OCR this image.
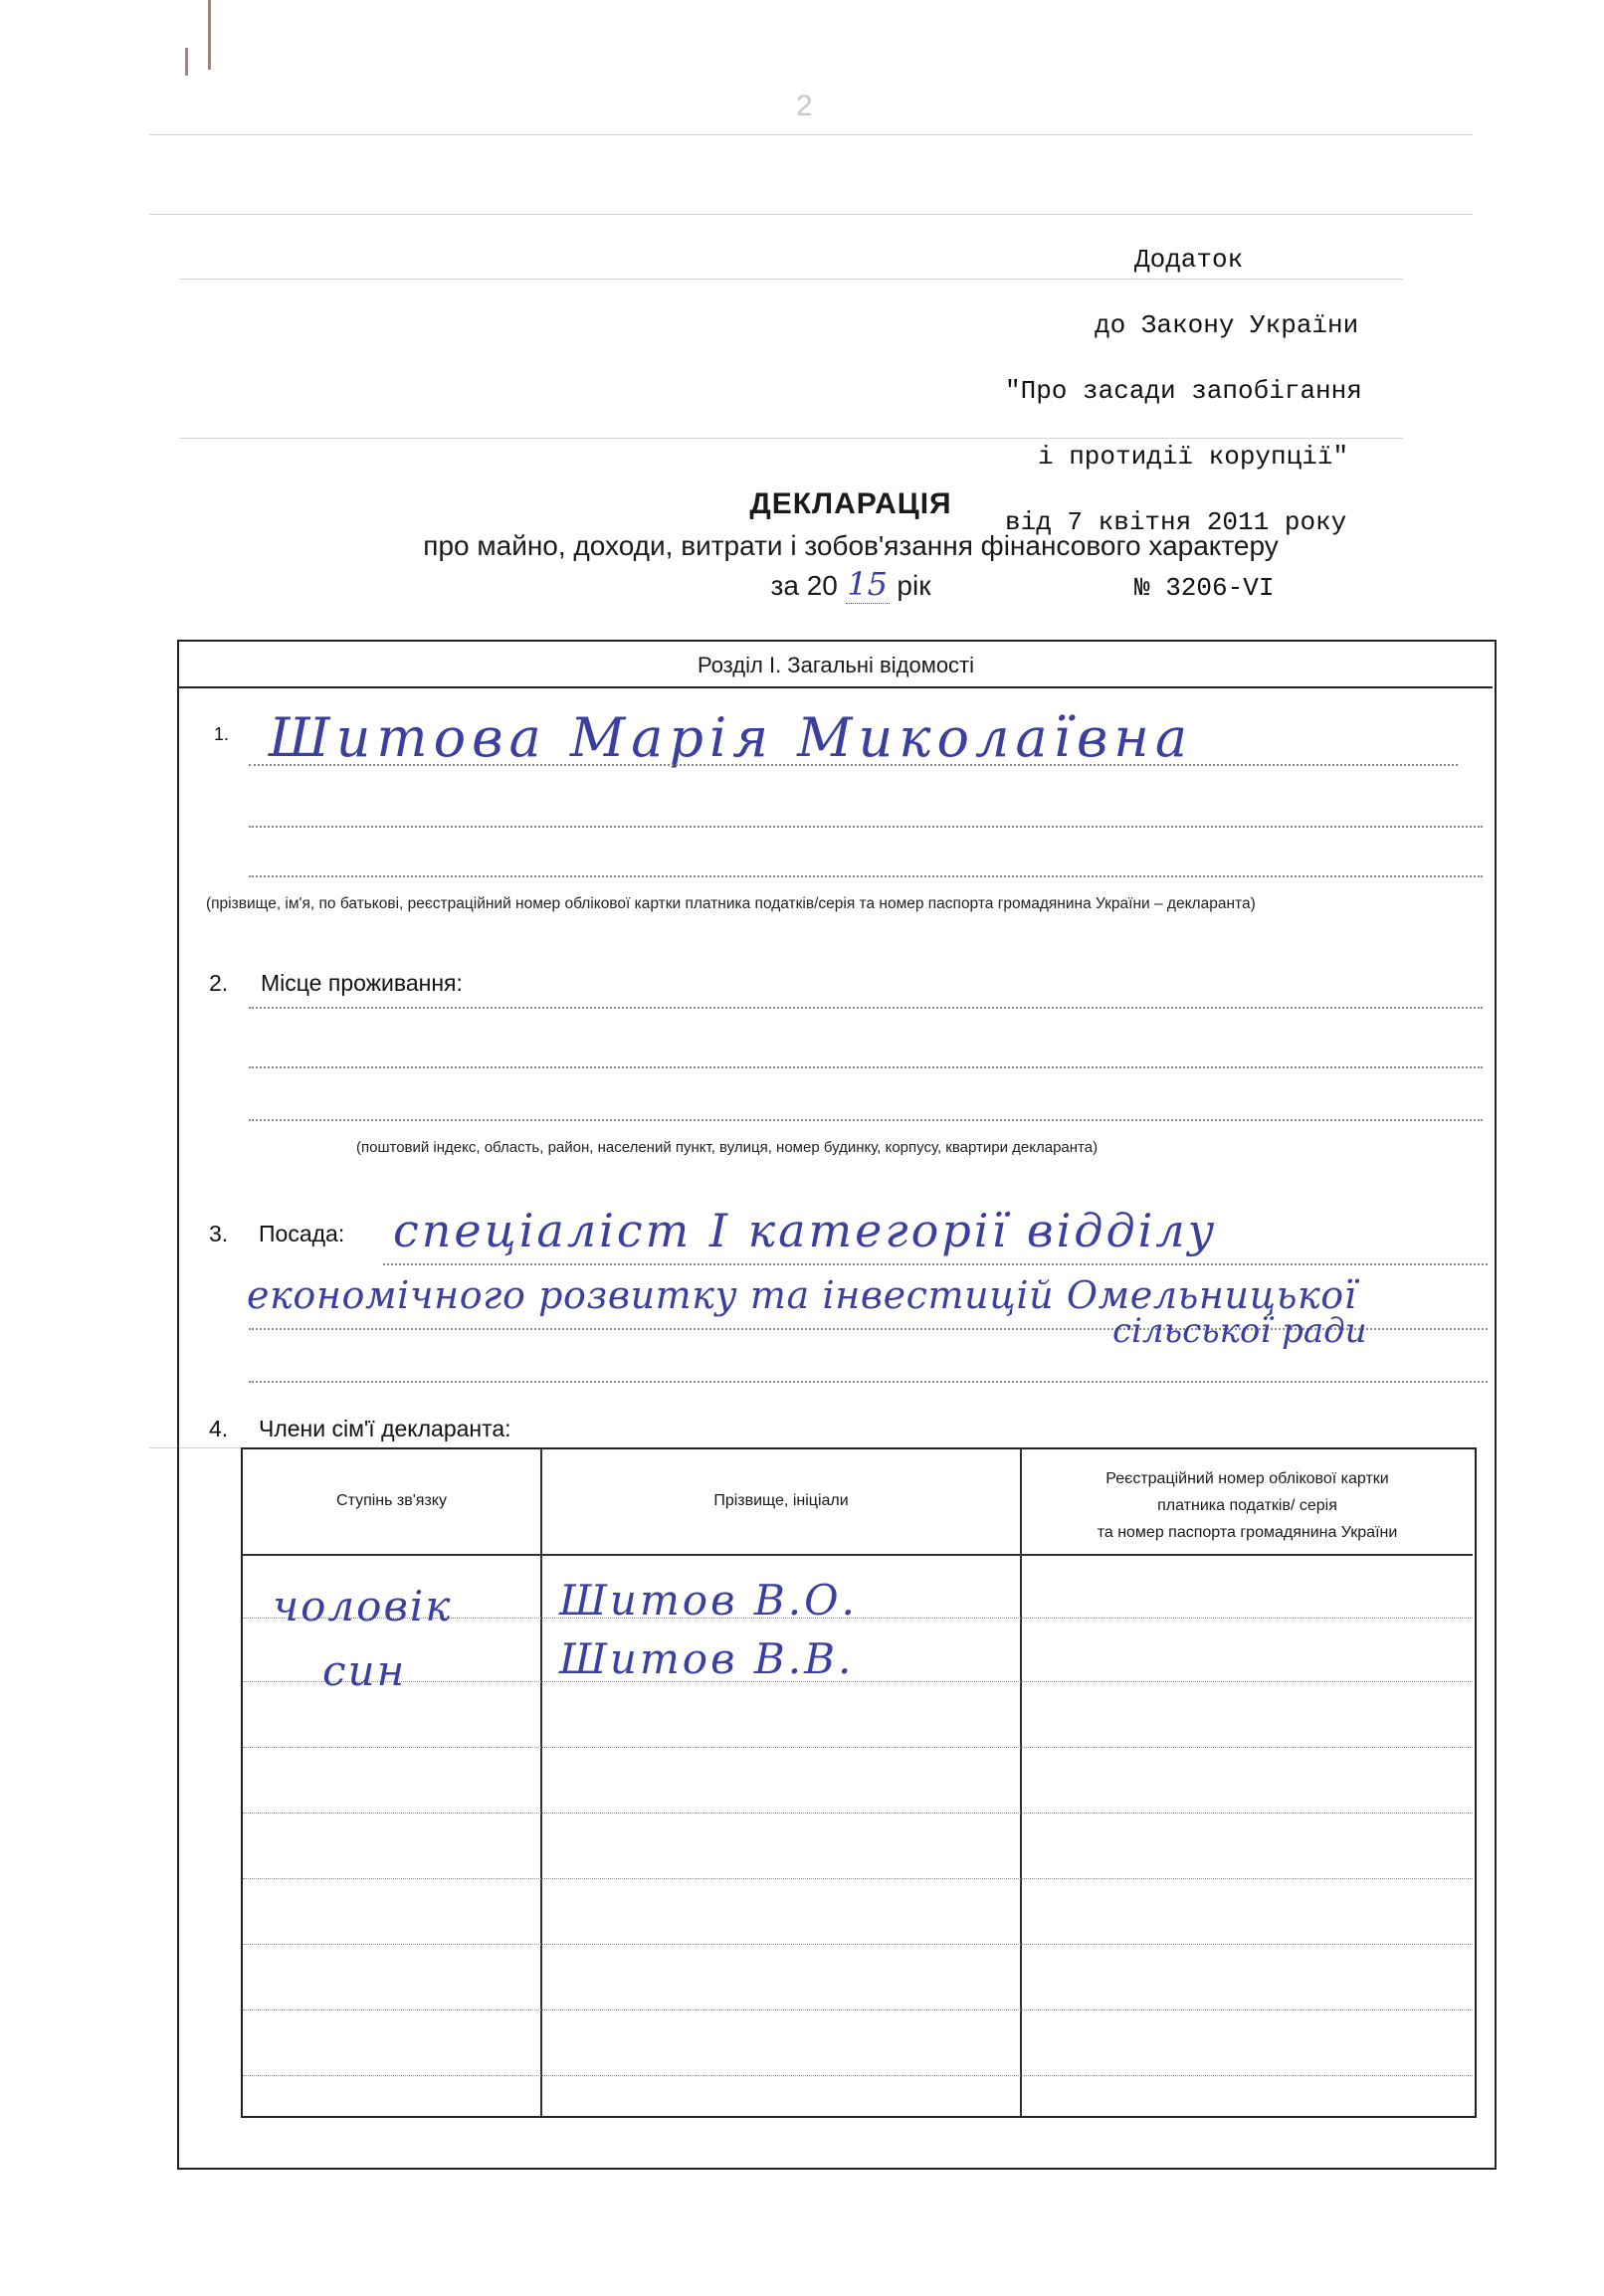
2

Додаток

до Закону України

"Про засади запобігання

і протидії корупції"

від 7 квітня 2011 року

№ 3206-VI

ДЕКЛАРАЦІЯ
про майно, доходи, витрати і зобов'язання фінансового характеру
за 20 15 рік
Розділ І. Загальні відомості
1. Шитова Марія Миколаївна
(прізвище, ім'я, по батькові, реєстраційний номер облікової картки платника податків/серія та номер паспорта громадянина України – декларанта)
2. Місце проживання:
(поштовий індекс, область, район, населений пункт, вулиця, номер будинку, корпусу, квартири декларанта)
3. Посада: спеціаліст І категорії відділу
економічного розвитку та інвестицій Омельницької
сільської ради
4. Члени сім'ї декларанта:
Ступінь зв'язку	Прізвище, ініціали
Реєстраційний номер облікової картки
платника податків/ серія
та номер паспорта громадянина України
чоловік	Шитов В.О.
син	Шитов В.В.
